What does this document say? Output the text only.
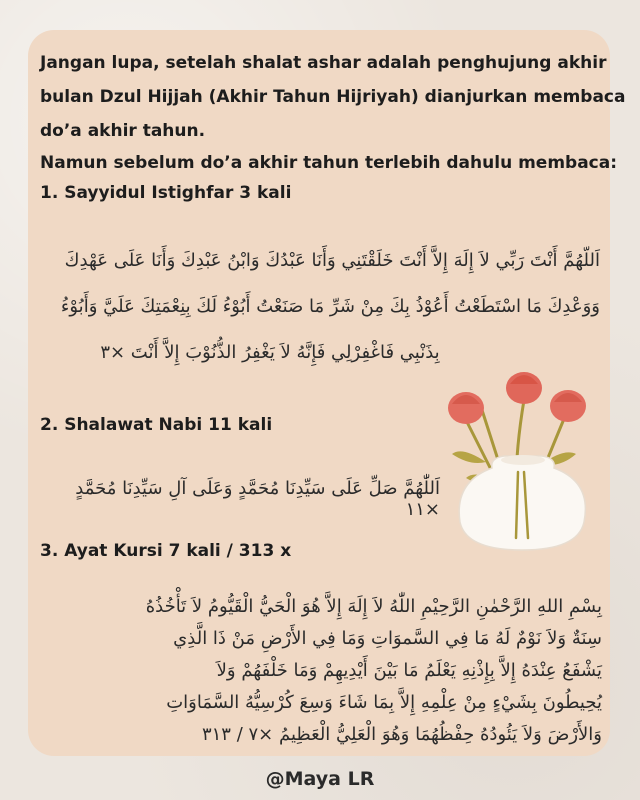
Jangan lupa, setelah shalat ashar adalah penghujung akhir

bulan Dzul Hijjah (Akhir Tahun Hijriyah) dianjurkan membaca

do’a akhir tahun.

Namun sebelum do’a akhir tahun terlebih dahulu membaca:

1. Sayyidul Istighfar 3 kali

اَللّهُمَّ أَنْتَ رَبِّي لاَ إِلَهَ إِلاَّ أَنْتَ خَلَقْتَنِي وَأَنَا عَبْدُكَ وَابْنُ عَبْدِكَ وَأَنَا عَلَى عَهْدِكَ

وَوَعْدِكَ مَا اسْتَطَعْتُ أَعُوْذُ بِكَ مِنْ شَرِّ مَا صَنَعْتُ أَبُوْءُ لَكَ بِنِعْمَتِكَ عَلَيَّ وَأَبُوْءُ

بِذَنْبِي فَاغْفِرْلِي فَإِنَّهُ لاَ يَغْفِرُ الذُّنُوْبَ إِلاَّ أَنْتَ ×٣

2. Shalawat Nabi 11 kali

اَللّٰهُمَّ صَلِّ عَلَى سَيِّدِنَا مُحَمَّدٍ وَعَلَى آلِ سَيِّدِنَا مُحَمَّدٍ ×١١

3. Ayat Kursi 7 kali / 313 x

بِسْمِ اللهِ الرَّحْمٰنِ الرَّحِيْمِ اللّٰهُ لاَ إِلَهَ إِلاَّ هُوَ الْحَيُّ الْقَيُّومُ لاَ تَأْخُذُهُ

سِنَةٌ وَلاَ نَوْمٌ لَهُ مَا فِي السَّموَاتِ وَمَا فِي الأَرْضِ مَنْ ذَا الَّذِي

يَشْفَعُ عِنْدَهُ إِلاَّ بِإِذْنِهِ يَعْلَمُ مَا بَيْنَ أَيْدِيهِمْ وَمَا خَلْفَهُمْ وَلاَ

يُحِيطُونَ بِشَيْءٍ مِنْ عِلْمِهِ إِلاَّ بِمَا شَاءَ وَسِعَ كُرْسِيُّهُ السَّمَاوَاتِ

وَالأَرْضَ وَلاَ يَئُودُهُ حِفْظُهُمَا وَهُوَ الْعَلِيُّ الْعَظِيمُ ×٧ / ٣١٣

@Maya LR
